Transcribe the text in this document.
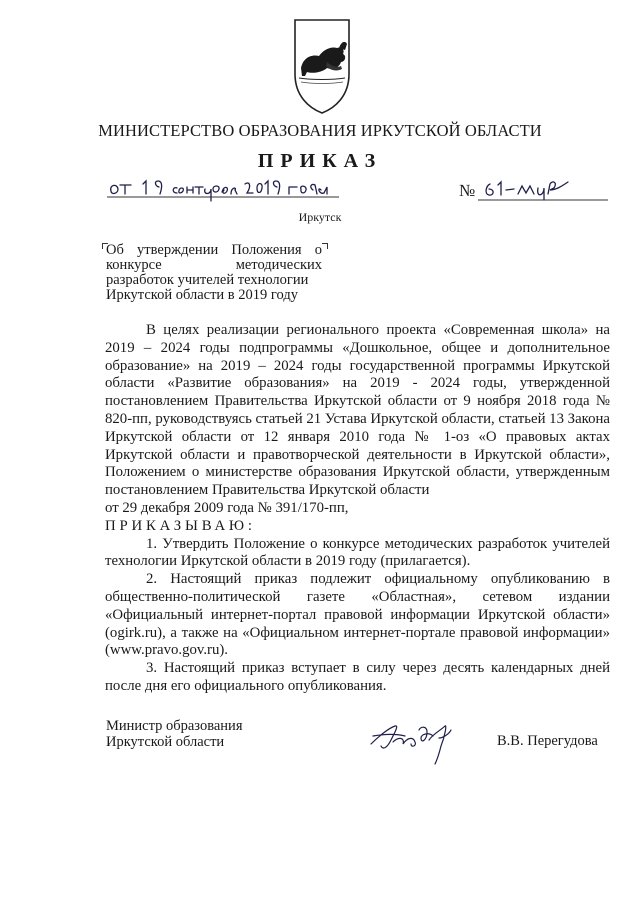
МИНИСТЕРСТВО ОБРАЗОВАНИЯ ИРКУТСКОЙ ОБЛАСТИ
ПРИКАЗ
№
Иркутск
Об утверждении Положения о
конкурсе	методических
разработок учителей технологии
Иркутской области в 2019 году

В целях реализации регионального проекта «Современная школа» на 2019 – 2024 годы подпрограммы «Дошкольное, общее и дополнительное образование» на 2019 – 2024 годы государственной программы Иркутской области «Развитие образования» на 2019 - 2024 годы, утвержденной постановлением Правительства Иркутской области от 9 ноября 2018 года № 820-пп, руководствуясь статьей 21 Устава Иркутской области, статьей 13 Закона Иркутской области от 12 января 2010 года № 1-оз «О правовых актах Иркутской области и правотворческой деятельности в Иркутской области», Положением о министерстве образования Иркутской области, утвержденным постановлением Правительства Иркутской области

от 29 декабря 2009 года № 391/170-пп,

ПРИКАЗЫВАЮ:

1. Утвердить Положение о конкурсе методических разработок учителей технологии Иркутской области в 2019 году (прилагается).

2. Настоящий приказ подлежит официальному опубликованию в общественно-политической газете «Областная», сетевом издании «Официальный интернет-портал правовой информации Иркутской области» (ogirk.ru), а также на «Официальном интернет-портале правовой информации» (www.pravo.gov.ru).

3. Настоящий приказ вступает в силу через десять календарных дней после дня его официального опубликования.

Министр образования
Иркутской области	В.В. Перегудова
